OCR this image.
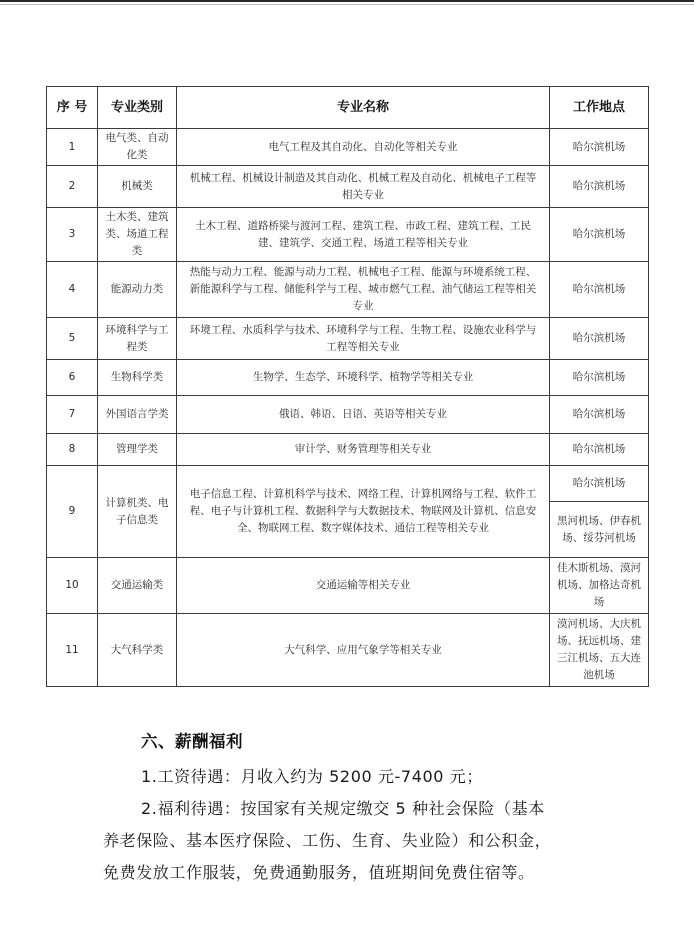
序 号	专业类别	专业名称	工作地点
1	电气类、自动化类	电气工程及其自动化、自动化等相关专业	哈尔滨机场
2	机械类	机械工程、机械设计制造及其自动化、机械工程及自动化、机械电子工程等相关专业	哈尔滨机场
3	土木类、建筑类、场道工程类	土木工程、道路桥梁与渡河工程、建筑工程、市政工程、建筑工程、工民建、建筑学、交通工程、场道工程等相关专业	哈尔滨机场
4	能源动力类	热能与动力工程、能源与动力工程、机械电子工程、能源与环境系统工程、新能源科学与工程、储能科学与工程、城市燃气工程、油气储运工程等相关专业	哈尔滨机场
5	环境科学与工程类	环境工程、水质科学与技术、环境科学与工程、生物工程、设施农业科学与工程等相关专业	哈尔滨机场
6	生物科学类	生物学、生态学、环境科学、植物学等相关专业	哈尔滨机场
7	外国语言学类	俄语、韩语、日语、英语等相关专业	哈尔滨机场
8	管理学类	审计学、财务管理等相关专业	哈尔滨机场
9	计算机类、电子信息类	电子信息工程、计算机科学与技术、网络工程、计算机网络与工程、软件工程、电子与计算机工程、数据科学与大数据技术、物联网及计算机、信息安全、物联网工程、数字媒体技术、通信工程等相关专业	哈尔滨机场
			黑河机场、伊春机场、绥芬河机场
10	交通运输类	交通运输等相关专业	佳木斯机场、漠河机场、加格达奇机场
11	大气科学类	大气科学、应用气象学等相关专业	漠河机场、大庆机场、抚远机场、建三江机场、五大连池机场
六、薪酬福利
1.工资待遇：月收入约为 5200 元-7400 元；
2.福利待遇：按国家有关规定缴交 5 种社会保险（基本
养老保险、基本医疗保险、工伤、生育、失业险）和公积金，
免费发放工作服装，免费通勤服务，值班期间免费住宿等。
